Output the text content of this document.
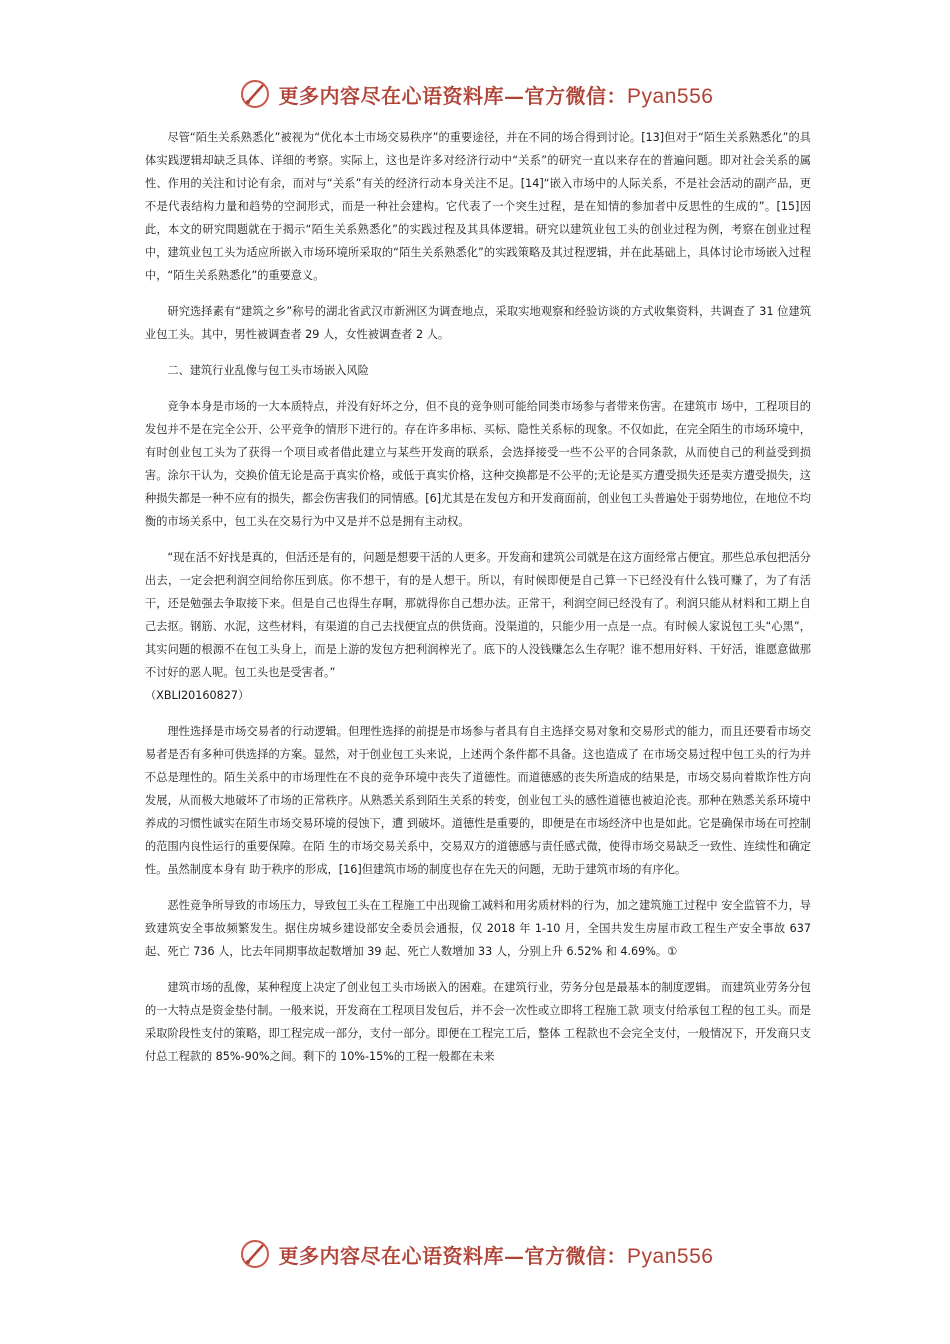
更多内容尽在心语资料库—官方微信：Pyan556

尽管“陌生关系熟悉化”被视为“优化本土市场交易秩序”的重要途径，并在不同的场合得到讨论。[13]但对于“陌生关系熟悉化”的具体实践逻辑却缺乏具体、详细的考察。实际上，这也是许多对经济行动中“关系”的研究一直以来存在的普遍问题。即对社会关系的属性、作用的关注和讨论有余，而对与“关系”有关的经济行动本身关注不足。[14]“嵌入市场中的人际关系，不是社会活动的副产品，更不是代表结构力量和趋势的空洞形式，而是一种社会建构。它代表了一个突生过程，是在知情的参加者中反思性的生成的”。[15]因此，本文的研究問题就在于揭示“陌生关系熟悉化”的实践过程及其具体逻辑。研究以建筑业包工头的创业过程为例，考察在创业过程中，建筑业包工头为适应所嵌入市场环境所采取的“陌生关系熟悉化”的实践策略及其过程逻辑，并在此基础上，具体讨论市场嵌入过程中，“陌生关系熟悉化”的重要意义。

研究选择素有“建筑之乡”称号的湖北省武汉市新洲区为调查地点，采取实地观察和经验访谈的方式收集资料，共调查了 31 位建筑业包工头。其中，男性被调查者 29 人，女性被调查者 2 人。

二、建筑行业乱像与包工头市场嵌入风险

竞争本身是市场的一大本质特点，并没有好坏之分，但不良的竞争则可能给同类市场参与者带来伤害。在建筑市 场中，工程项目的发包并不是在完全公开、公平竞争的情形下进行的。存在许多串标、买标、隐性关系标的现象。不仅如此，在完全陌生的市场环境中，有时创业包工头为了获得一个项目或者借此建立与某些开发商的联系，会选择接受一些不公平的合同条款，从而使自己的利益受到损害。涂尔干认为，交换价值无论是高于真实价格，或低于真实价格，这种交换都是不公平的;无论是买方遭受损失还是卖方遭受损失，这种损失都是一种不应有的损失，都会伤害我们的同情感。[6]尤其是在发包方和开发商面前，创业包工头普遍处于弱势地位，在地位不均衡的市场关系中，包工头在交易行为中又是并不总是拥有主动权。

“现在活不好找是真的，但活还是有的，问题是想要干活的人更多。开发商和建筑公司就是在这方面经常占便宜。那些总承包把活分出去，一定会把利润空间给你压到底。你不想干，有的是人想干。所以，有时候即便是自己算一下已经没有什么钱可赚了，为了有活干，还是勉强去争取接下来。但是自己也得生存啊，那就得你自己想办法。正常干，利润空间已经没有了。利润只能从材料和工期上自己去抠。钢筋、水泥，这些材料，有渠道的自己去找便宜点的供货商。没渠道的，只能少用一点是一点。有时候人家说包工头“心黑”，其实问题的根源不在包工头身上，而是上游的发包方把利润榨光了。底下的人没钱赚怎么生存呢？谁不想用好料、干好活，谁愿意做那不讨好的恶人呢。包工头也是受害者。”
（XBLI20160827）

理性选择是市场交易者的行动逻辑。但理性选择的前提是市场参与者具有自主选择交易对象和交易形式的能力，而且还要看市场交易者是否有多种可供选择的方案。显然，对于创业包工头来说，上述两个条件都不具备。这也造成了 在市场交易过程中包工头的行为并不总是理性的。陌生关系中的市场理性在不良的竞争环境中丧失了道德性。而道德感的丧失所造成的结果是，市场交易向着欺诈性方向发展，从而极大地破坏了市场的正常秩序。从熟悉关系到陌生关系的转变，创业包工头的感性道德也被迫沦丧。那种在熟悉关系环境中养成的习惯性诚实在陌生市场交易环境的侵蚀下，遭 到破坏。道德性是重要的，即便是在市场经济中也是如此。它是确保市场在可控制的范围内良性运行的重要保障。在陌 生的市场交易关系中，交易双方的道德感与责任感式微，使得市场交易缺乏一致性、连续性和确定性。虽然制度本身有 助于秩序的形成，[16]但建筑市场的制度也存在先天的问题，无助于建筑市场的有序化。

恶性竞争所导致的市场压力，导致包工头在工程施工中出现偷工减料和用劣质材料的行为，加之建筑施工过程中 安全监管不力，导致建筑安全事故频繁发生。据住房城乡建设部安全委员会通报，仅 2018 年 1-10 月，全国共发生房屋市政工程生产安全事故 637 起、死亡 736 人，比去年同期事故起数增加 39 起、死亡人数增加 33 人，分别上升 6.52% 和 4.69%。①

建筑市场的乱像，某种程度上决定了创业包工头市场嵌入的困难。在建筑行业，劳务分包是最基本的制度逻辑。 而建筑业劳务分包的一大特点是资金垫付制。一般来说，开发商在工程项目发包后，并不会一次性或立即将工程施工款 项支付给承包工程的包工头。而是采取阶段性支付的策略，即工程完成一部分，支付一部分。即便在工程完工后，整体 工程款也不会完全支付，一般情况下，开发商只支付总工程款的 85%-90%之间。剩下的 10%-15%的工程一般都在未来

更多内容尽在心语资料库—官方微信：Pyan556
